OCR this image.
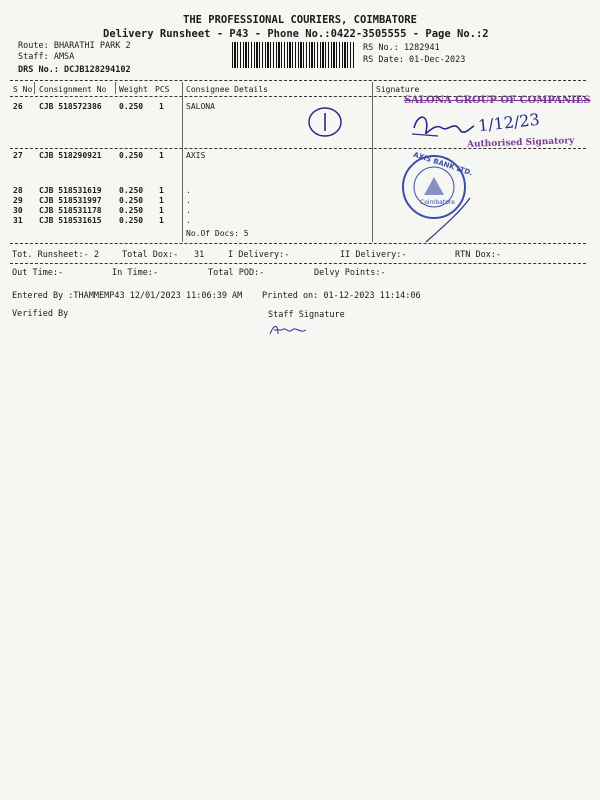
THE PROFESSIONAL COURIERS, COIMBATORE
Delivery Runsheet - P43 - Phone No.:0422-3505555 - Page No.:2
Route: BHARATHI PARK 2
Staff: AMSA
DRS No.: DCJB128294102
RS No.: 1282941
RS Date: 01-Dec-2023
S No Consignment No Weight PCS Consignee Details	Signature
26 CJB 518572386 0.250 1	SALONA
27 CJB 518290921 0.250 1	AXIS
28 CJB 518531619 0.250 1	.
29 CJB 518531997 0.250 1	.
30 CJB 518531178 0.250 1	.
31 CJB 518531615 0.250 1	.
No.Of Docs: 5
SALONA GROUP OF COMPANIES
Authorised Signatory
1/12/23
AXIS BANK LTD.
Coimbatore
Tot. Runsheet:- 2	Total Dox:- 31	I Delivery:-	II Delivery:-	RTN Dox:-
Out Time:-	In Time:-	Total POD:-	Delvy Points:-
Entered By :THAMMEMP43 12/01/2023 11:06:39 AM Printed on: 01-12-2023 11:14:06
Verified By	Staff Signature
